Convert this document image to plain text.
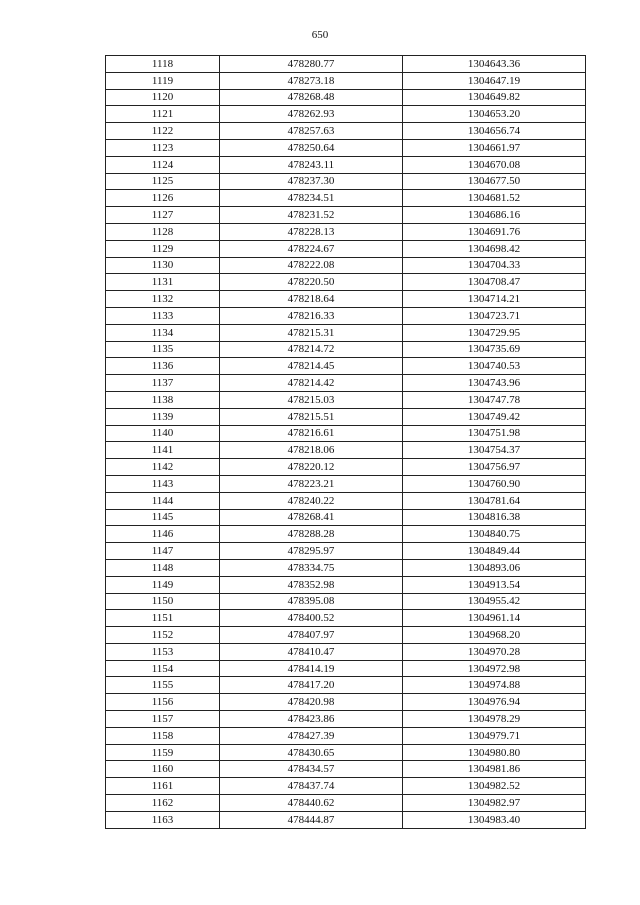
650
1118	478280.77	1304643.36
1119	478273.18	1304647.19
1120	478268.48	1304649.82
1121	478262.93	1304653.20
1122	478257.63	1304656.74
1123	478250.64	1304661.97
1124	478243.11	1304670.08
1125	478237.30	1304677.50
1126	478234.51	1304681.52
1127	478231.52	1304686.16
1128	478228.13	1304691.76
1129	478224.67	1304698.42
1130	478222.08	1304704.33
1131	478220.50	1304708.47
1132	478218.64	1304714.21
1133	478216.33	1304723.71
1134	478215.31	1304729.95
1135	478214.72	1304735.69
1136	478214.45	1304740.53
1137	478214.42	1304743.96
1138	478215.03	1304747.78
1139	478215.51	1304749.42
1140	478216.61	1304751.98
1141	478218.06	1304754.37
1142	478220.12	1304756.97
1143	478223.21	1304760.90
1144	478240.22	1304781.64
1145	478268.41	1304816.38
1146	478288.28	1304840.75
1147	478295.97	1304849.44
1148	478334.75	1304893.06
1149	478352.98	1304913.54
1150	478395.08	1304955.42
1151	478400.52	1304961.14
1152	478407.97	1304968.20
1153	478410.47	1304970.28
1154	478414.19	1304972.98
1155	478417.20	1304974.88
1156	478420.98	1304976.94
1157	478423.86	1304978.29
1158	478427.39	1304979.71
1159	478430.65	1304980.80
1160	478434.57	1304981.86
1161	478437.74	1304982.52
1162	478440.62	1304982.97
1163	478444.87	1304983.40
